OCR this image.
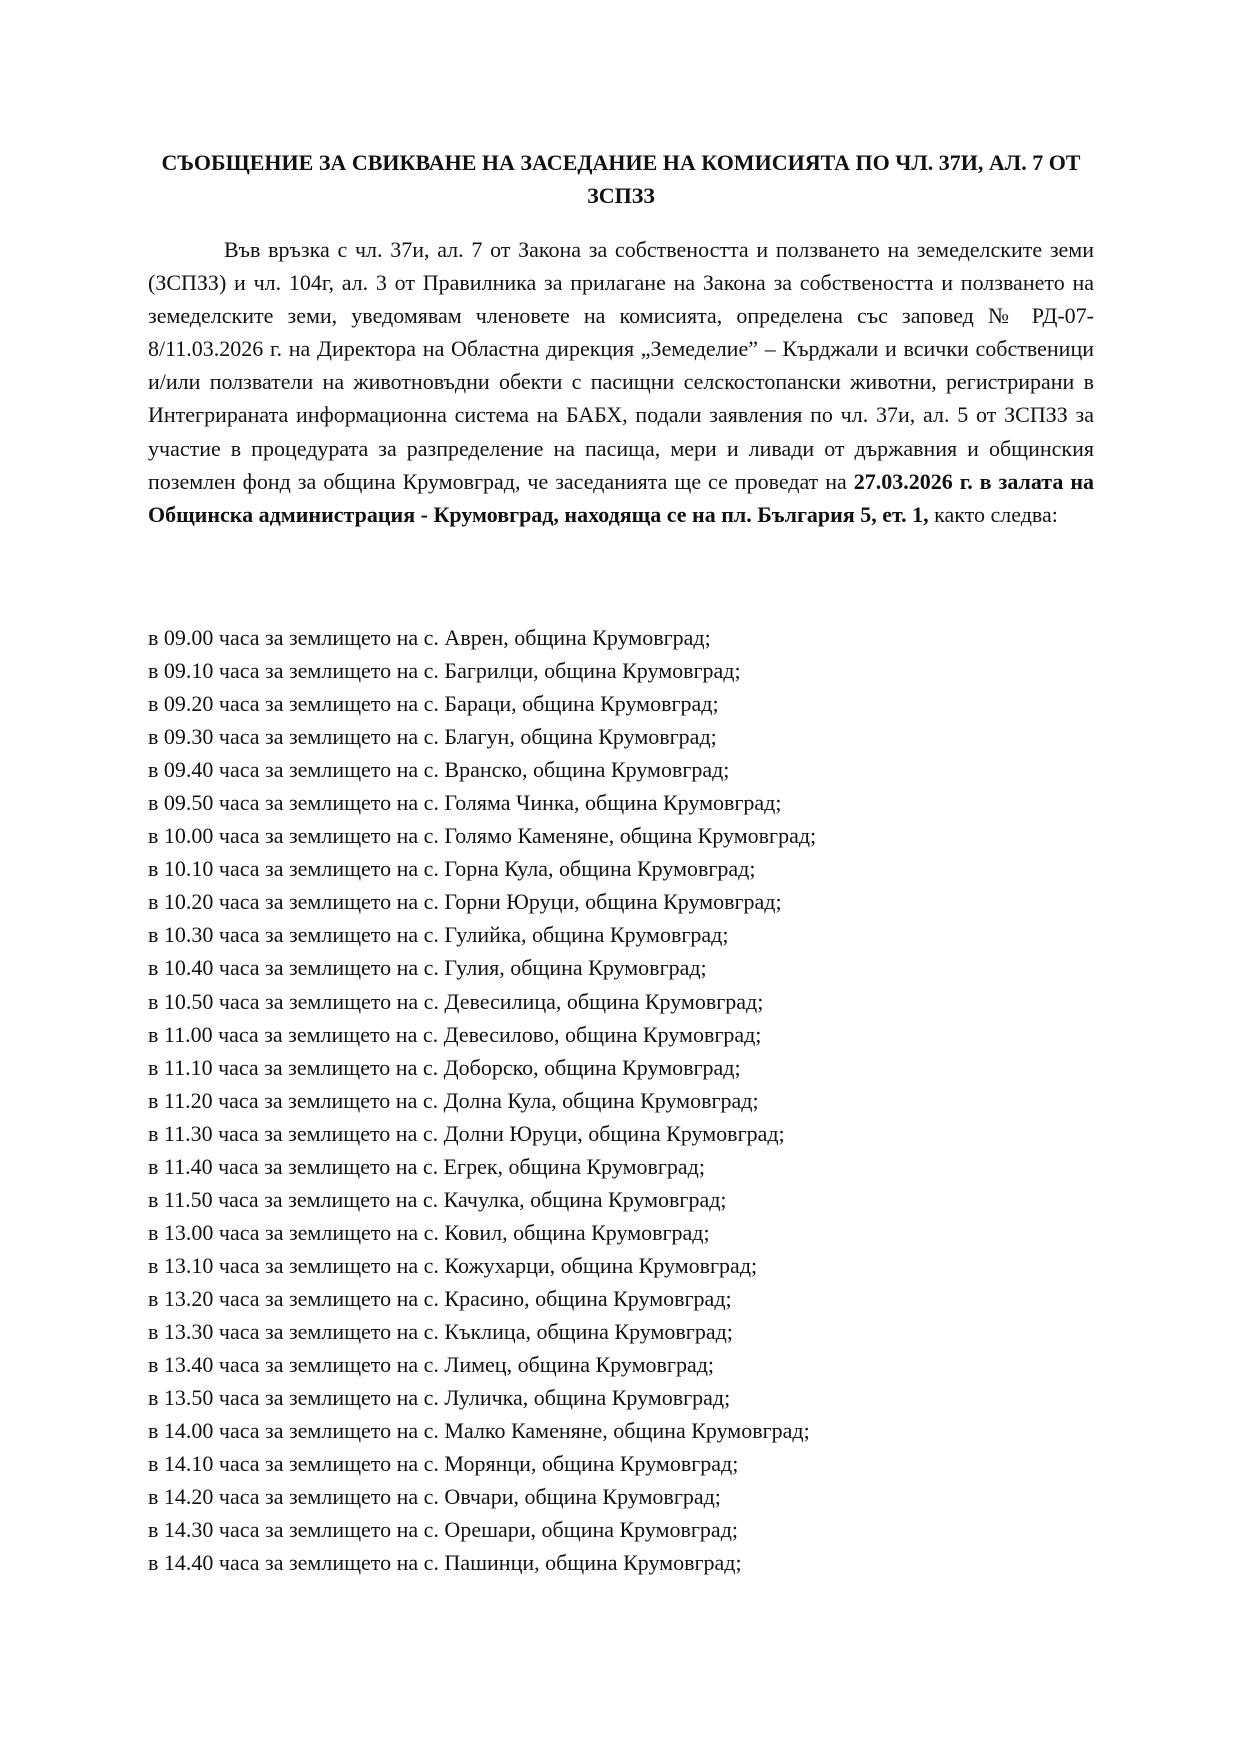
СЪОБЩЕНИЕ ЗА СВИКВАНЕ НА ЗАСЕДАНИЕ НА КОМИСИЯТА ПО ЧЛ. 37И, АЛ. 7 ОТ ЗСПЗЗ

Във връзка с чл. 37и, ал. 7 от Закона за собствеността и ползването на земеделските земи (ЗСПЗЗ) и чл. 104г, ал. 3 от Правилника за прилагане на Закона за собствеността и ползването на земеделските земи, уведомявам членовете на комисията, определена със заповед № РД-07-8/11.03.2026 г. на Директора на Областна дирекция „Земеделие” – Кърджали и всички собственици и/или ползватели на животновъдни обекти с пасищни селскостопански животни, регистрирани в Интегрираната информационна система на БАБХ, подали заявления по чл. 37и, ал. 5 от ЗСПЗЗ за участие в процедурата за разпределение на пасища, мери и ливади от държавния и общинския поземлен фонд за община Крумовград, че заседанията ще се проведат на 27.03.2026 г. в залата на Общинска администрация - Крумовград, находяща се на пл. България 5, ет. 1, както следва:

в 09.00 часа за землището на с. Аврен, община Крумовград;
в 09.10 часа за землището на с. Багрилци, община Крумовград;
в 09.20 часа за землището на с. Бараци, община Крумовград;
в 09.30 часа за землището на с. Благун, община Крумовград;
в 09.40 часа за землището на с. Вранско, община Крумовград;
в 09.50 часа за землището на с. Голяма Чинка, община Крумовград;
в 10.00 часа за землището на с. Голямо Каменяне, община Крумовград;
в 10.10 часа за землището на с. Горна Кула, община Крумовград;
в 10.20 часа за землището на с. Горни Юруци, община Крумовград;
в 10.30 часа за землището на с. Гулийка, община Крумовград;
в 10.40 часа за землището на с. Гулия, община Крумовград;
в 10.50 часа за землището на с. Девесилица, община Крумовград;
в 11.00 часа за землището на с. Девесилово, община Крумовград;
в 11.10 часа за землището на с. Доборско, община Крумовград;
в 11.20 часа за землището на с. Долна Кула, община Крумовград;
в 11.30 часа за землището на с. Долни Юруци, община Крумовград;
в 11.40 часа за землището на с. Егрек, община Крумовград;
в 11.50 часа за землището на с. Качулка, община Крумовград;
в 13.00 часа за землището на с. Ковил, община Крумовград;
в 13.10 часа за землището на с. Кожухарци, община Крумовград;
в 13.20 часа за землището на с. Красино, община Крумовград;
в 13.30 часа за землището на с. Къклица, община Крумовград;
в 13.40 часа за землището на с. Лимец, община Крумовград;
в 13.50 часа за землището на с. Луличка, община Крумовград;
в 14.00 часа за землището на с. Малко Каменяне, община Крумовград;
в 14.10 часа за землището на с. Морянци, община Крумовград;
в 14.20 часа за землището на с. Овчари, община Крумовград;
в 14.30 часа за землището на с. Орешари, община Крумовград;
в 14.40 часа за землището на с. Пашинци, община Крумовград;
